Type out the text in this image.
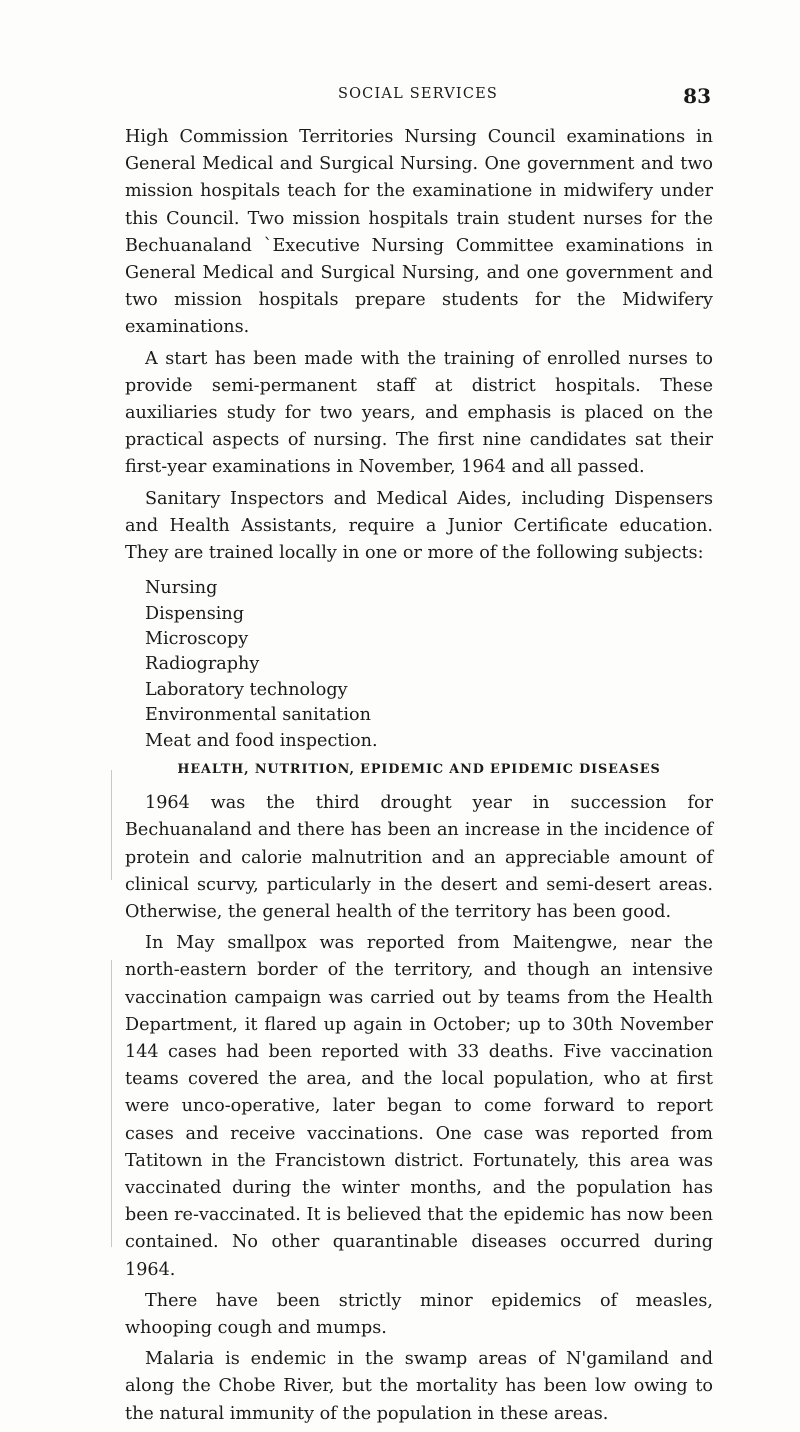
SOCIAL SERVICES	83

High Commission Territories Nursing Council examinations in General Medical and Surgical Nursing. One government and two mission hospitals teach for the examinatione in midwifery under this Council. Two mission hospitals train student nurses for the Bechuanaland `Executive Nursing Committee examinations in General Medical and Surgical Nursing, and one government and two mission hospitals prepare students for the Midwifery examinations.

A start has been made with the training of enrolled nurses to provide semi-permanent staff at district hospitals. These auxiliaries study for two years, and emphasis is placed on the practical aspects of nursing. The first nine candidates sat their first-year examinations in November, 1964 and all passed.

Sanitary Inspectors and Medical Aides, including Dispensers and Health Assistants, require a Junior Certificate education. They are trained locally in one or more of the following subjects:

Nursing
Dispensing
Microscopy
Radiography
Laboratory technology
Environmental sanitation
Meat and food inspection.
HEALTH, NUTRITION, EPIDEMIC AND EPIDEMIC DISEASES

1964 was the third drought year in succession for Bechuanaland and there has been an increase in the incidence of protein and calorie malnutrition and an appreciable amount of clinical scurvy, particularly in the desert and semi-desert areas. Otherwise, the general health of the territory has been good.

In May smallpox was reported from Maitengwe, near the north-eastern border of the territory, and though an intensive vaccination campaign was carried out by teams from the Health Department, it flared up again in October; up to 30th November 144 cases had been reported with 33 deaths. Five vaccination teams covered the area, and the local population, who at first were unco-operative, later began to come forward to report cases and receive vaccinations. One case was reported from Tatitown in the Francistown district. Fortunately, this area was vaccinated during the winter months, and the population has been re-vaccinated. It is believed that the epidemic has now been contained. No other quarantinable diseases occurred during 1964.

There have been strictly minor epidemics of measles, whooping cough and mumps.

Malaria is endemic in the swamp areas of N'gamiland and along the Chobe River, but the mortality has been low owing to the natural immunity of the population in these areas.
